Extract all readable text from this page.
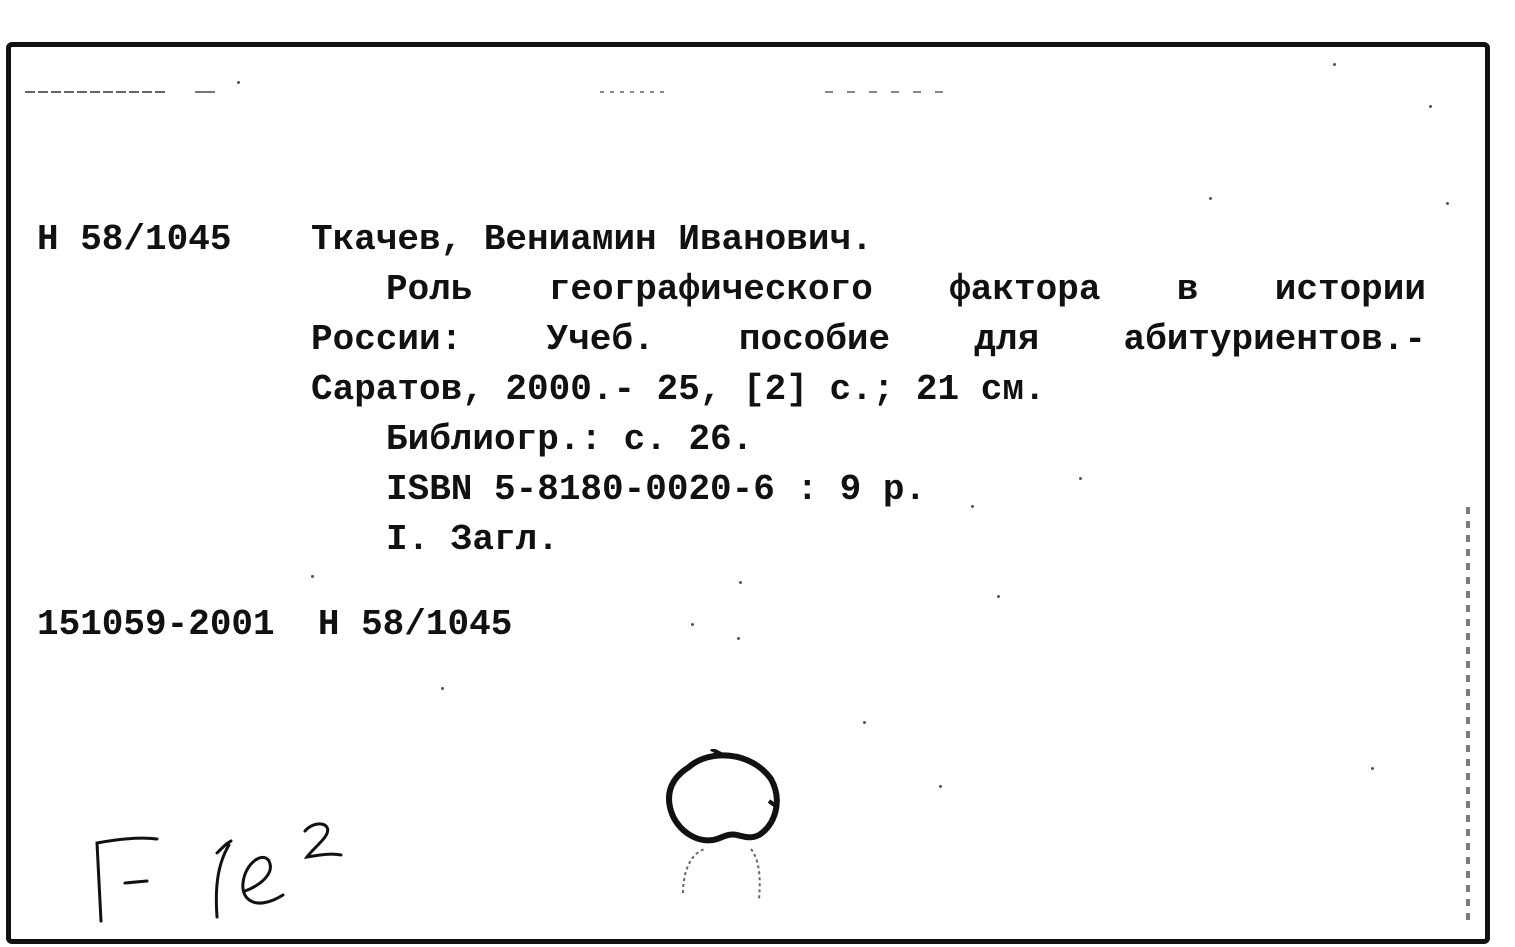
Н 58/1045 Ткачев, Вениамин Иванович.
Роль географического фактора в истории
России: Учеб. пособие для абитуриентов.-
Саратов, 2000.- 25, [2] с.; 21 см.
Библиогр.: с. 26.
ISBN 5-8180-0020-6 : 9 р.
I. Загл.
151059-2001 Н 58/1045
